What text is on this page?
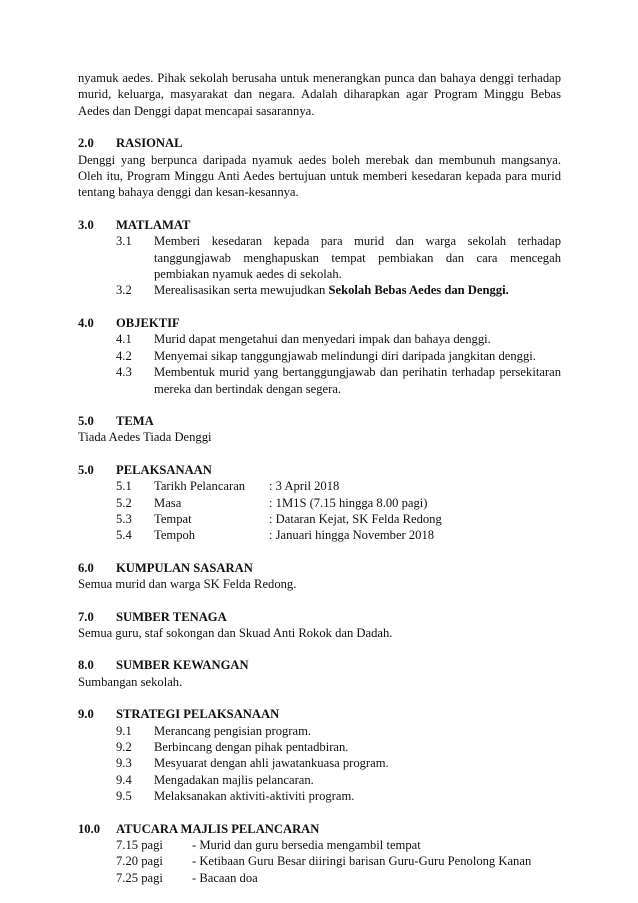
nyamuk aedes. Pihak sekolah berusaha untuk menerangkan punca dan bahaya denggi terhadap murid, keluarga, masyarakat dan negara. Adalah diharapkan agar Program Minggu Bebas Aedes dan Denggi dapat mencapai sasarannya.

2.0	RASIONAL

Denggi yang berpunca daripada nyamuk aedes boleh merebak dan membunuh mangsanya. Oleh itu, Program Minggu Anti Aedes bertujuan untuk memberi kesedaran kepada para murid tentang bahaya denggi dan kesan-kesannya.

3.0	MATLAMAT
3.1	Memberi kesedaran kepada para murid dan warga sekolah terhadap tanggungjawab menghapuskan tempat pembiakan dan cara mencegah pembiakan nyamuk aedes di sekolah.
3.2	Merealisasikan serta mewujudkan Sekolah Bebas Aedes dan Denggi.
4.0	OBJEKTIF
4.1	Murid dapat mengetahui dan menyedari impak dan bahaya denggi.
4.2	Menyemai sikap tanggungjawab melindungi diri daripada jangkitan denggi.
4.3	Membentuk murid yang bertanggungjawab dan perihatin terhadap persekitaran mereka dan bertindak dengan segera.
5.0	TEMA

Tiada Aedes Tiada Denggi

5.0	PELAKSANAAN
5.1	Tarikh Pelancaran	: 3 April 2018
5.2	Masa	: 1M1S (7.15 hingga 8.00 pagi)
5.3	Tempat	: Dataran Kejat, SK Felda Redong
5.4	Tempoh	: Januari hingga November 2018
6.0	KUMPULAN SASARAN

Semua murid dan warga SK Felda Redong.

7.0	SUMBER TENAGA

Semua guru, staf sokongan dan Skuad Anti Rokok dan Dadah.

8.0	SUMBER KEWANGAN

Sumbangan sekolah.

9.0	STRATEGI PELAKSANAAN
9.1	Merancang pengisian program.
9.2	Berbincang dengan pihak pentadbiran.
9.3	Mesyuarat dengan ahli jawatankuasa program.
9.4	Mengadakan majlis pelancaran.
9.5	Melaksanakan aktiviti-aktiviti program.
10.0	ATUCARA MAJLIS PELANCARAN
7.15 pagi	- Murid dan guru bersedia mengambil tempat
7.20 pagi	- Ketibaan Guru Besar diiringi barisan Guru-Guru Penolong Kanan
7.25 pagi	- Bacaan doa
